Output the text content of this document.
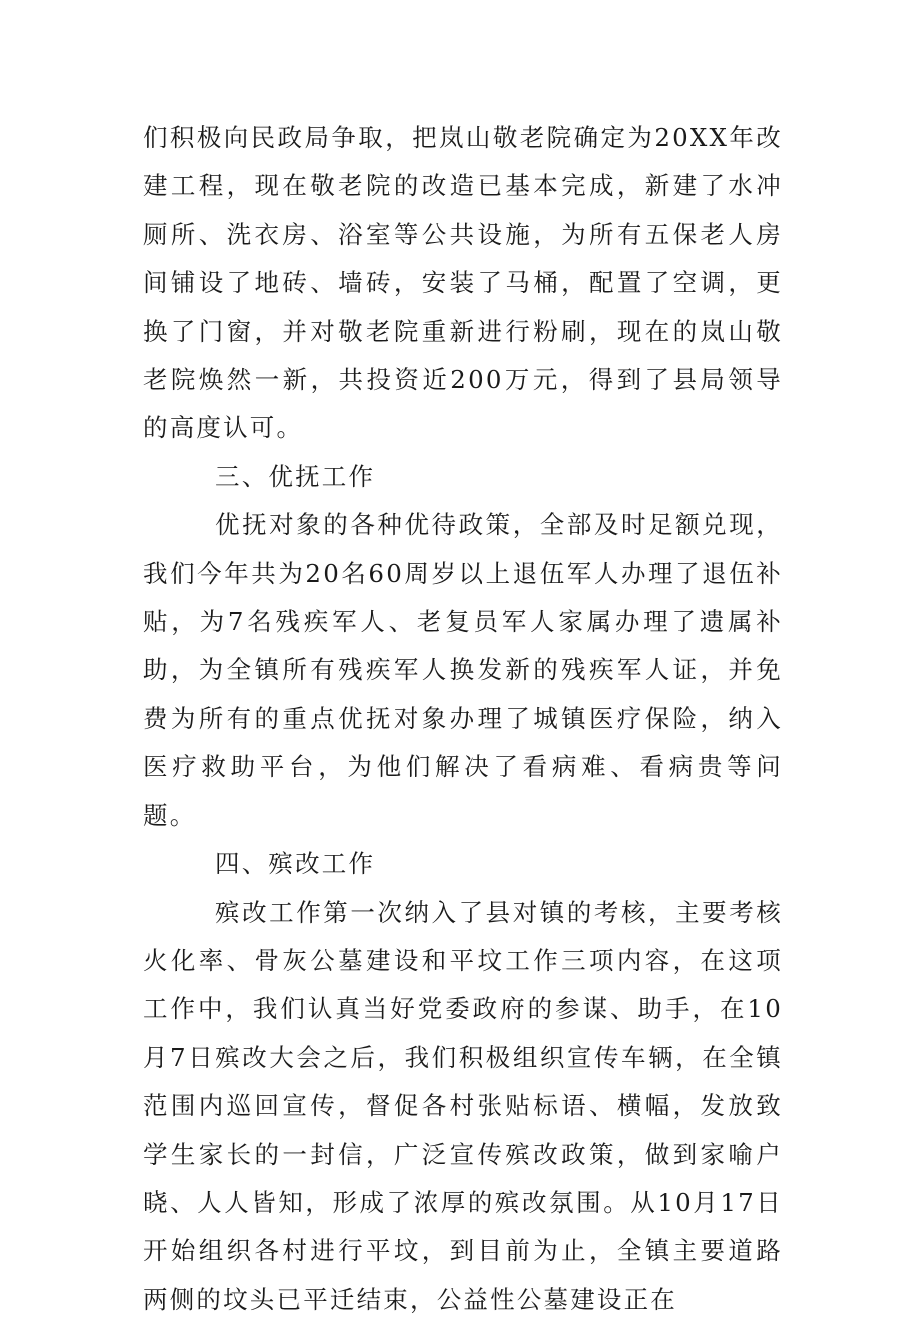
们积极向民政局争取，把岚山敬老院确定为20XX年改建工程，现在敬老院的改造已基本完成，新建了水冲厕所、洗衣房、浴室等公共设施，为所有五保老人房间铺设了地砖、墙砖，安装了马桶，配置了空调，更换了门窗，并对敬老院重新进行粉刷，现在的岚山敬老院焕然一新，共投资近200万元，得到了县局领导的高度认可。

三、优抚工作

优抚对象的各种优待政策，全部及时足额兑现，我们今年共为20名60周岁以上退伍军人办理了退伍补贴，为7名残疾军人、老复员军人家属办理了遗属补助，为全镇所有残疾军人换发新的残疾军人证，并免费为所有的重点优抚对象办理了城镇医疗保险，纳入医疗救助平台，为他们解决了看病难、看病贵等问题。

四、殡改工作

殡改工作第一次纳入了县对镇的考核，主要考核火化率、骨灰公墓建设和平坟工作三项内容，在这项工作中，我们认真当好党委政府的参谋、助手，在10月7日殡改大会之后，我们积极组织宣传车辆，在全镇范围内巡回宣传，督促各村张贴标语、横幅，发放致学生家长的一封信，广泛宣传殡改政策，做到家喻户晓、人人皆知，形成了浓厚的殡改氛围。从10月17日开始组织各村进行平坟，到目前为止，全镇主要道路两侧的坟头已平迁结束，公益性公墓建设正在
